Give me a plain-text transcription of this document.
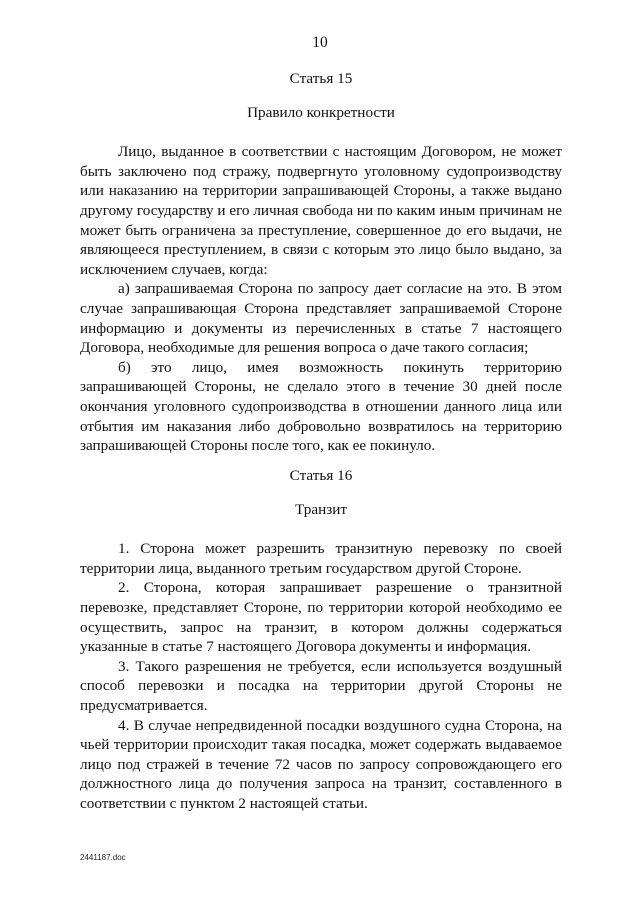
10

Статья 15

Правило конкретности

Лицо, выданное в соответствии с настоящим Договором, не может быть заключено под стражу, подвергнуто уголовному судопроизводству или наказанию на территории запрашивающей Стороны, а также выдано другому государству и его личная свобода ни по каким иным причинам не может быть ограничена за преступление, совершенное до его выдачи, не являющееся преступлением, в связи с которым это лицо было выдано, за исключением случаев, когда:

а) запрашиваемая Сторона по запросу дает согласие на это. В этом случае запрашивающая Сторона представляет запрашиваемой Стороне информацию и документы из перечисленных в статье 7 настоящего Договора, необходимые для решения вопроса о даче такого согласия;

б) это лицо, имея возможность покинуть территорию запрашивающей Стороны, не сделало этого в течение 30 дней после окончания уголовного судопроизводства в отношении данного лица или отбытия им наказания либо добровольно возвратилось на территорию запрашивающей Стороны после того, как ее покинуло.

Статья 16

Транзит

1. Сторона может разрешить транзитную перевозку по своей территории лица, выданного третьим государством другой Стороне.

2. Сторона, которая запрашивает разрешение о транзитной перевозке, представляет Стороне, по территории которой необходимо ее осуществить, запрос на транзит, в котором должны содержаться указанные в статье 7 настоящего Договора документы и информация.

3. Такого разрешения не требуется, если используется воздушный способ перевозки и посадка на территории другой Стороны не предусматривается.

4. В случае непредвиденной посадки воздушного судна Сторона, на чьей территории происходит такая посадка, может содержать выдаваемое лицо под стражей в течение 72 часов по запросу сопровождающего его должностного лица до получения запроса на транзит, составленного в соответствии с пунктом 2 настоящей статьи.

2441187.doc
